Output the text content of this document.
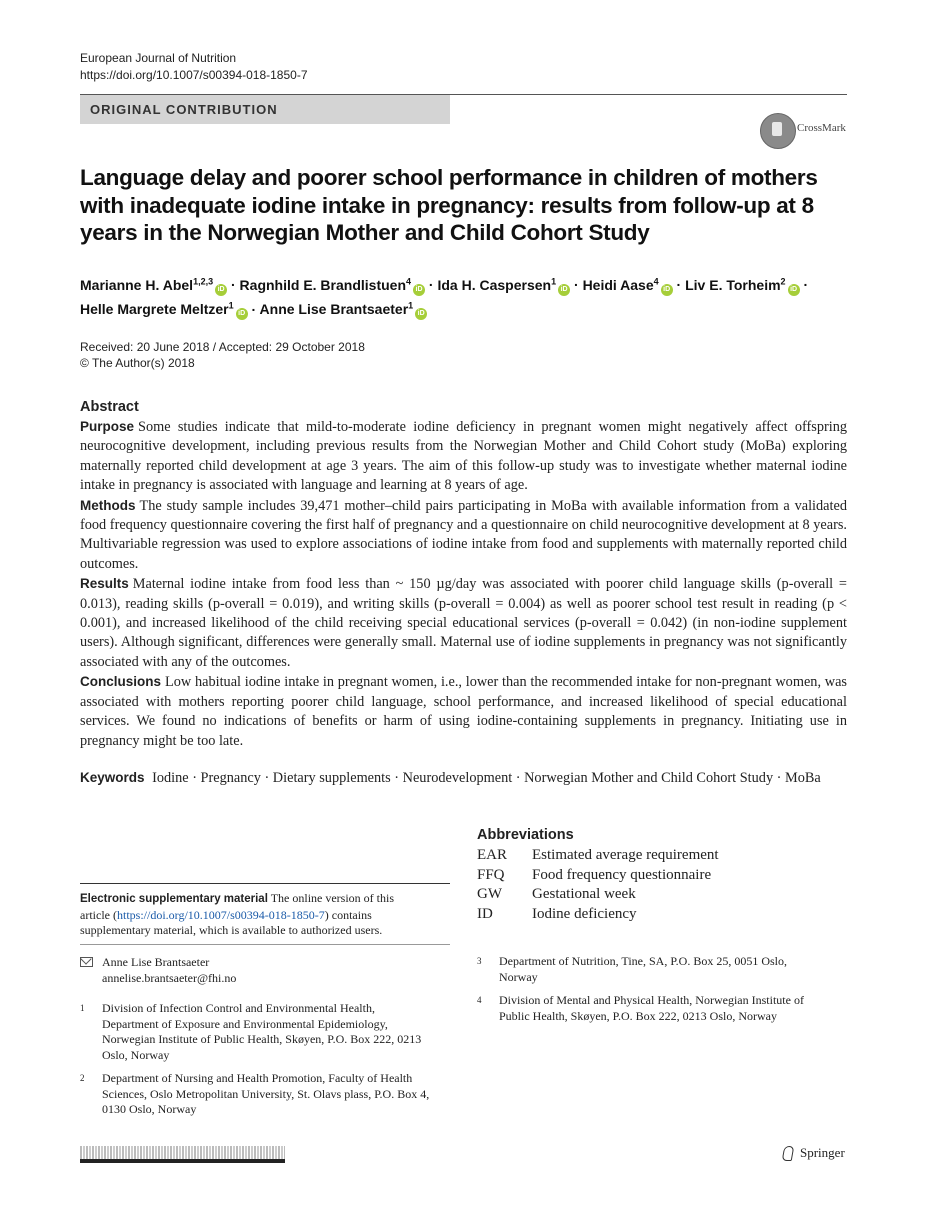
European Journal of Nutrition
https://doi.org/10.1007/s00394-018-1850-7
ORIGINAL CONTRIBUTION
CrossMark
Language delay and poorer school performance in children of mothers with inadequate iodine intake in pregnancy: results from follow-up at 8 years in the Norwegian Mother and Child Cohort Study
Marianne H. Abel$^{1,2,3}$iD · Ragnhild E. Brandlistuen$^4$iD · Ida H. Caspersen$^1$iD · Heidi Aase$^4$iD · Liv E. Torheim$^2$iD ·
Helle Margrete Meltzer$^1$iD · Anne Lise Brantsaeter$^1$iD
Received: 20 June 2018 / Accepted: 29 October 2018
© The Author(s) 2018
Abstract

Purpose Some studies indicate that mild-to-moderate iodine deficiency in pregnant women might negatively affect offspring neurocognitive development, including previous results from the Norwegian Mother and Child Cohort study (MoBa) exploring maternally reported child development at age 3 years. The aim of this follow-up study was to investigate whether maternal iodine intake in pregnancy is associated with language and learning at 8 years of age.

Methods The study sample includes 39,471 mother–child pairs participating in MoBa with available information from a validated food frequency questionnaire covering the first half of pregnancy and a questionnaire on child neurocognitive development at 8 years. Multivariable regression was used to explore associations of iodine intake from food and supplements with maternally reported child outcomes.

Results Maternal iodine intake from food less than ~ 150 µg/day was associated with poorer child language skills (p-overall = 0.013), reading skills (p-overall = 0.019), and writing skills (p-overall = 0.004) as well as poorer school test result in reading (p < 0.001), and increased likelihood of the child receiving special educational services (p-overall = 0.042) (in non-iodine supplement users). Although significant, differences were generally small. Maternal use of iodine supplements in pregnancy was not significantly associated with any of the outcomes.

Conclusions Low habitual iodine intake in pregnant women, i.e., lower than the recommended intake for non-pregnant women, was associated with mothers reporting poorer child language, school performance, and increased likelihood of special educational services. We found no indications of benefits or harm of using iodine-containing supplements in pregnancy. Initiating use in pregnancy might be too late.

Keywords Iodine · Pregnancy · Dietary supplements · Neurodevelopment · Norwegian Mother and Child Cohort Study · MoBa
Abbreviations
EAR	Estimated average requirement
FFQ	Food frequency questionnaire
GW	Gestational week
ID	Iodine deficiency
Electronic supplementary material The online version of this article (https://doi.org/10.1007/s00394-018-1850-7) contains supplementary material, which is available to authorized users.
Anne Lise Brantsaeter
annelise.brantsaeter@fhi.no
1 Division of Infection Control and Environmental Health, Department of Exposure and Environmental Epidemiology, Norwegian Institute of Public Health, Skøyen, P.O. Box 222, 0213 Oslo, Norway
2 Department of Nursing and Health Promotion, Faculty of Health Sciences, Oslo Metropolitan University, St. Olavs plass, P.O. Box 4, 0130 Oslo, Norway
3 Department of Nutrition, Tine, SA, P.O. Box 25, 0051 Oslo, Norway
4 Division of Mental and Physical Health, Norwegian Institute of Public Health, Skøyen, P.O. Box 222, 0213 Oslo, Norway
Springer
